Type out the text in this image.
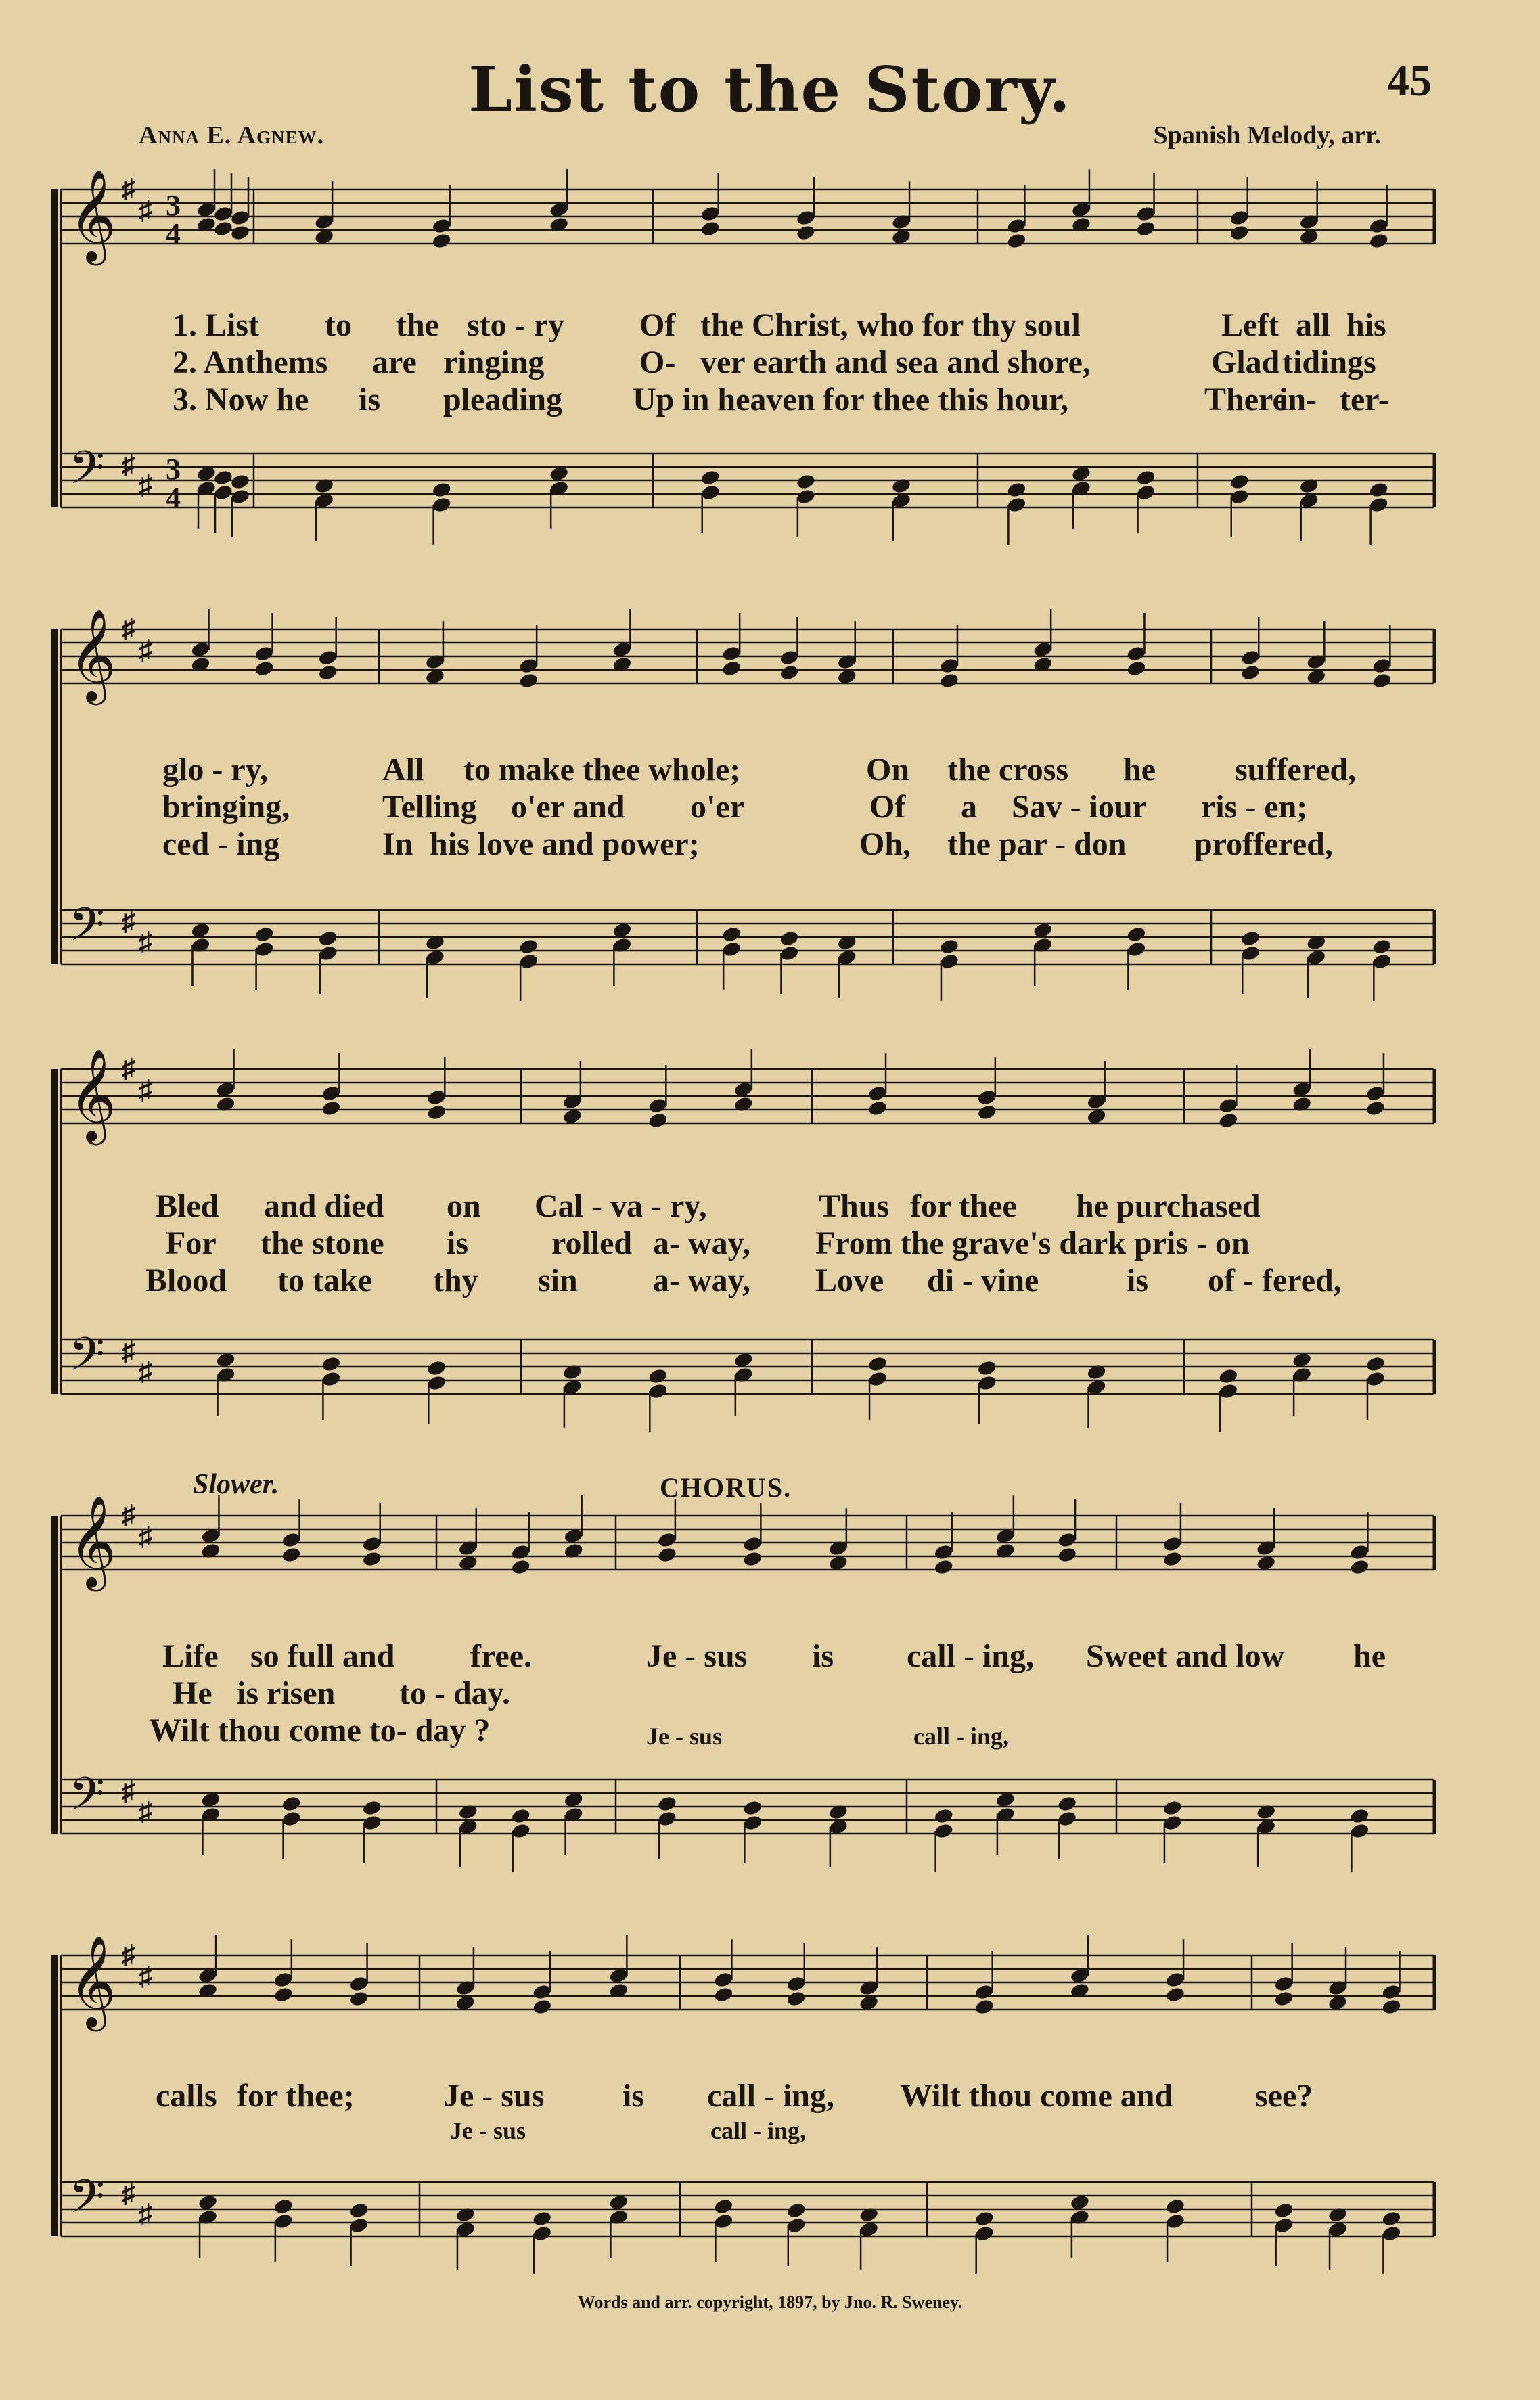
List to the Story.	45
Anna E. Agnew.	Spanish Melody, arr.
𝄞 ♯
♯ 3
4
𝄢 ♯
♯ 3
4
1. List to the sto - ry Of the Christ, who for thy soul	Left all his
2. Anthems are ringing	O- ver earth and sea and shore,	Glad tidings
3. Now he is pleading Up in heaven for thee this hour,	There
in- ter-
𝄞 ♯
♯
𝄢 ♯
♯
glo - ry,	All to make thee whole;	On the cross he suffered,
bringing,	Telling o'er and o'er	Of a Sav - iour ris - en;
ced - ing	In his love and power;	Oh, the par - don proffered,
𝄞 ♯
♯
𝄢 ♯
♯
Bled and died on Cal - va - ry,	Thus for thee he purchased
For the stone is	rolled a- way, From the grave's dark pris - on
Blood to take thy sin a- way, Love di - vine	is of - fered,
𝄞 ♯
♯
𝄢 ♯
♯
Slower.	CHORUS.
Life so full and free.	Je - sus is call - ing, Sweet and low he
He is risen to - day.
Wilt thou come to- day ?	Je - sus	call - ing,
𝄞 ♯
♯
𝄢 ♯
♯
calls for thee;	Je - sus is call - ing, Wilt thou come and	see?
Je - sus	call - ing,
Words and arr. copyright, 1897, by Jno. R. Sweney.
